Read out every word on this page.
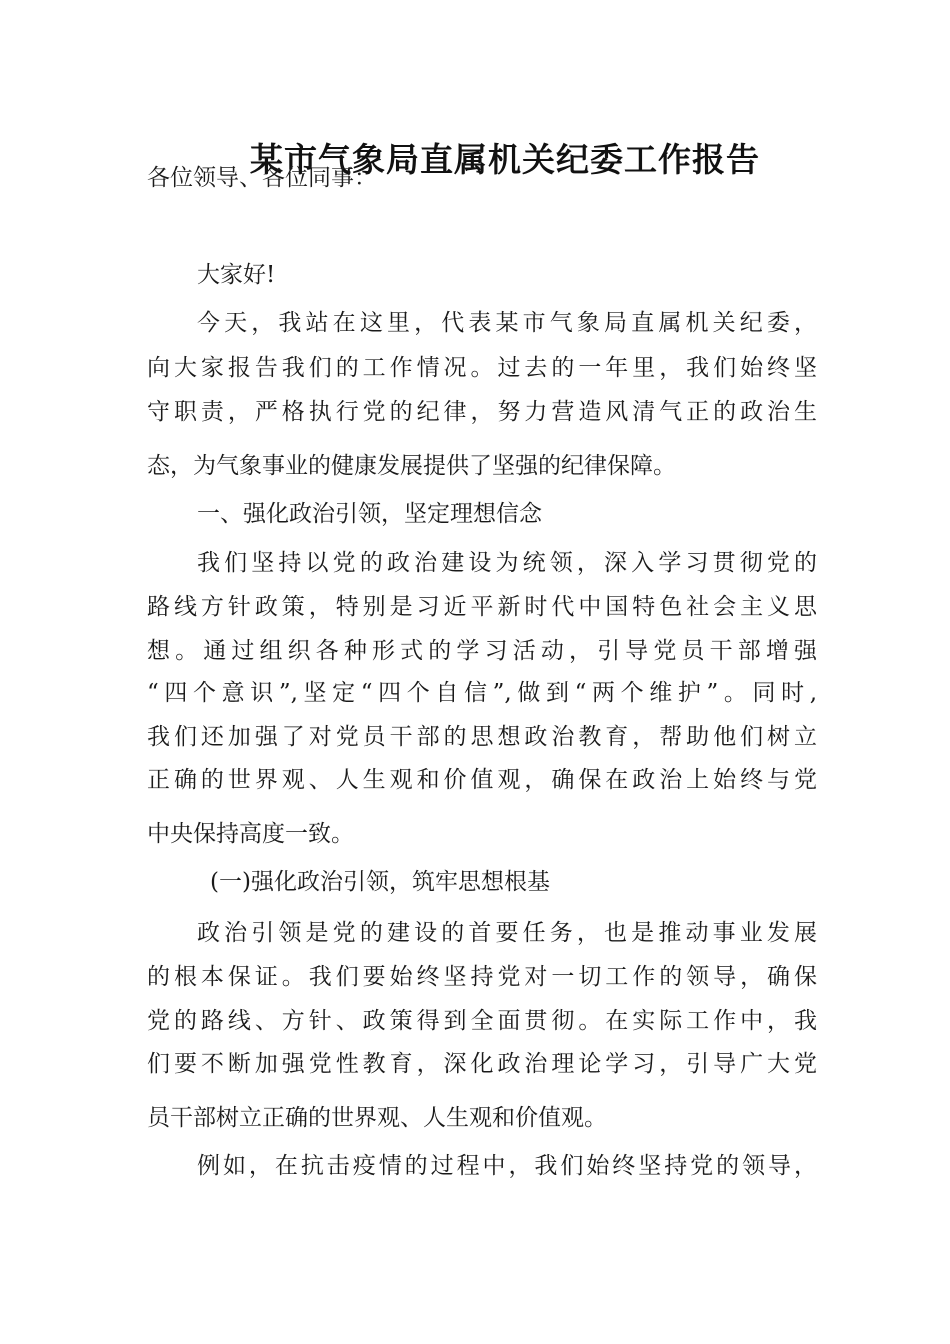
某市气象局直属机关纪委工作报告
各位领导、各位同事：
大家好!
今天，我站在这里，代表某市气象局直属机关纪委，
向大家报告我们的工作情况。过去的一年里，我们始终坚
守职责，严格执行党的纪律，努力营造风清气正的政治生
态，为气象事业的健康发展提供了坚强的纪律保障。
一、强化政治引领，坚定理想信念
我们坚持以党的政治建设为统领，深入学习贯彻党的
路线方针政策，特别是习近平新时代中国特色社会主义思
想。通过组织各种形式的学习活动，引导党员干部增强
“四个意识”,坚定“四个自信”,做到“两个维护”。同时,
我们还加强了对党员干部的思想政治教育，帮助他们树立
正确的世界观、人生观和价值观，确保在政治上始终与党
中央保持高度一致。
(一)强化政治引领，筑牢思想根基
政治引领是党的建设的首要任务，也是推动事业发展
的根本保证。我们要始终坚持党对一切工作的领导，确保
党的路线、方针、政策得到全面贯彻。在实际工作中，我
们要不断加强党性教育，深化政治理论学习，引导广大党
员干部树立正确的世界观、人生观和价值观。
例如，在抗击疫情的过程中，我们始终坚持党的领导，
